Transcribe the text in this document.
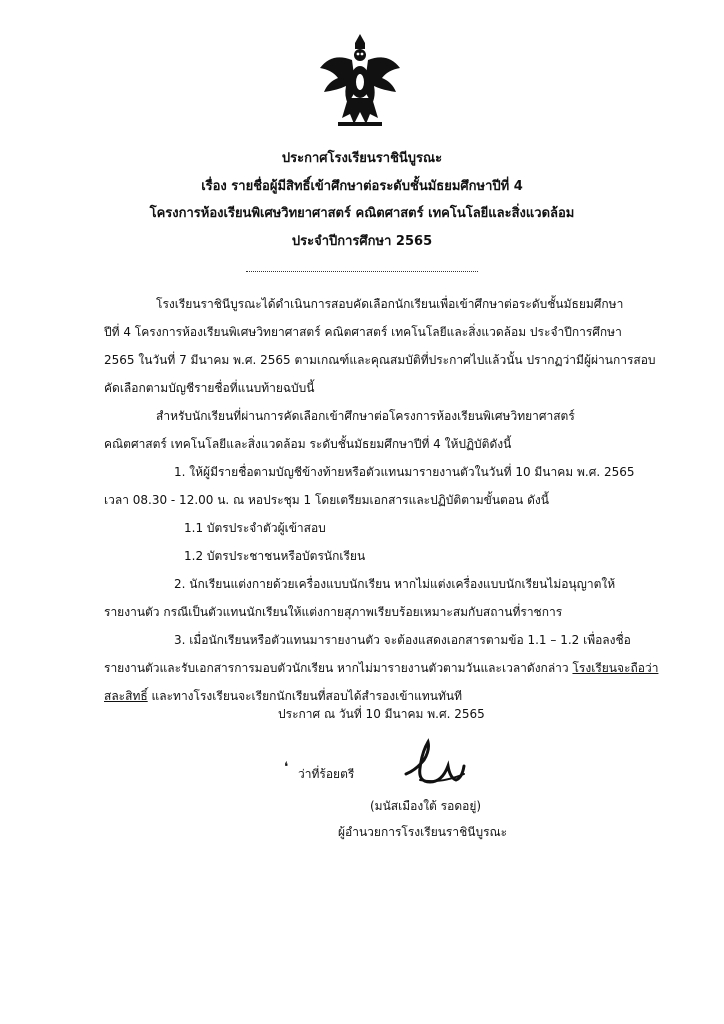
ประกาศโรงเรียนราชินีบูรณะ
เรื่อง รายชื่อผู้มีสิทธิ์เข้าศึกษาต่อระดับชั้นมัธยมศึกษาปีที่ 4
โครงการห้องเรียนพิเศษวิทยาศาสตร์ คณิตศาสตร์ เทคโนโลยีและสิ่งแวดล้อม
ประจำปีการศึกษา 2565
โรงเรียนราชินีบูรณะได้ดำเนินการสอบคัดเลือกนักเรียนเพื่อเข้าศึกษาต่อระดับชั้นมัธยมศึกษา
ปีที่ 4 โครงการห้องเรียนพิเศษวิทยาศาสตร์ คณิตศาสตร์ เทคโนโลยีและสิ่งแวดล้อม ประจำปีการศึกษา
2565 ในวันที่ 7 มีนาคม พ.ศ. 2565 ตามเกณฑ์และคุณสมบัติที่ประกาศไปแล้วนั้น ปรากฏว่ามีผู้ผ่านการสอบ
คัดเลือกตามบัญชีรายชื่อที่แนบท้ายฉบับนี้
สำหรับนักเรียนที่ผ่านการคัดเลือกเข้าศึกษาต่อโครงการห้องเรียนพิเศษวิทยาศาสตร์
คณิตศาสตร์ เทคโนโลยีและสิ่งแวดล้อม ระดับชั้นมัธยมศึกษาปีที่ 4 ให้ปฏิบัติดังนี้
1. ให้ผู้มีรายชื่อตามบัญชีข้างท้ายหรือตัวแทนมารายงานตัวในวันที่ 10 มีนาคม พ.ศ. 2565
เวลา 08.30 - 12.00 น. ณ หอประชุม 1 โดยเตรียมเอกสารและปฏิบัติตามขั้นตอน ดังนี้
1.1 บัตรประจำตัวผู้เข้าสอบ
1.2 บัตรประชาชนหรือบัตรนักเรียน
2. นักเรียนแต่งกายด้วยเครื่องแบบนักเรียน หากไม่แต่งเครื่องแบบนักเรียนไม่อนุญาตให้
รายงานตัว กรณีเป็นตัวแทนนักเรียนให้แต่งกายสุภาพเรียบร้อยเหมาะสมกับสถานที่ราชการ
3. เมื่อนักเรียนหรือตัวแทนมารายงานตัว จะต้องแสดงเอกสารตามข้อ 1.1 – 1.2 เพื่อลงชื่อ
รายงานตัวและรับเอกสารการมอบตัวนักเรียน หากไม่มารายงานตัวตามวันและเวลาดังกล่าว โรงเรียนจะถือว่า
สละสิทธิ์ และทางโรงเรียนจะเรียกนักเรียนที่สอบได้สำรองเข้าแทนทันที
ประกาศ ณ วันที่ 10 มีนาคม พ.ศ. 2565
❛ ว่าที่ร้อยตรี
(มนัสเมืองใต้ รอดอยู่)
ผู้อำนวยการโรงเรียนราชินีบูรณะ
